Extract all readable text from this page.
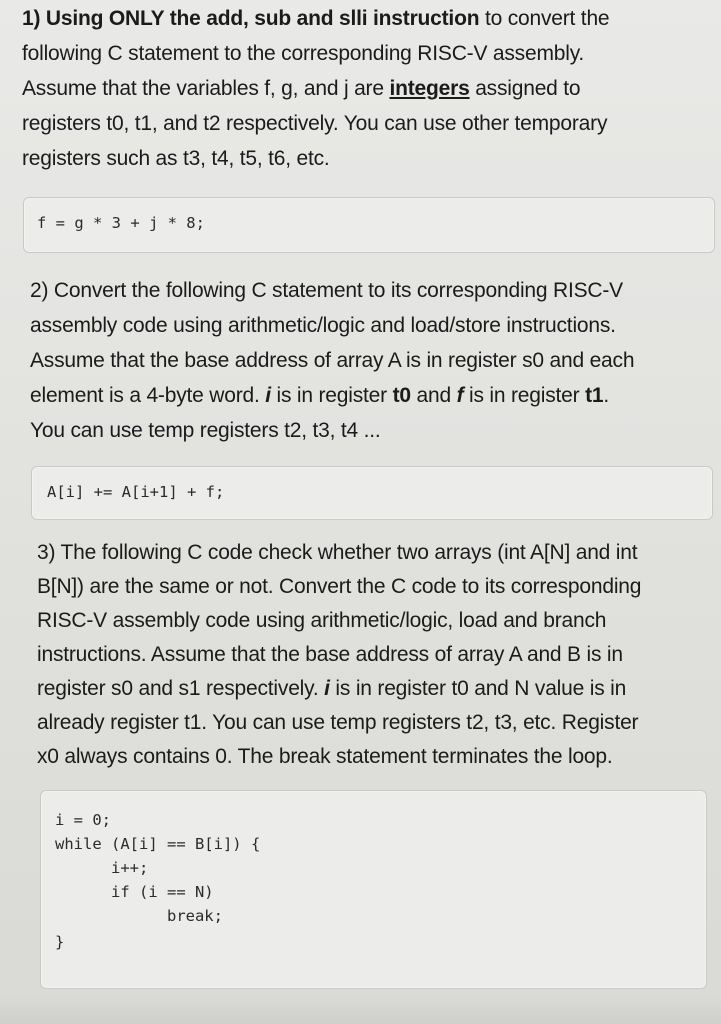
1) Using ONLY the add, sub and slli instruction to convert the
following C statement to the corresponding RISC-V assembly.
Assume that the variables f, g, and j are integers assigned to
registers t0, t1, and t2 respectively. You can use other temporary
registers such as t3, t4, t5, t6, etc.
f = g * 3 + j * 8;
2) Convert the following C statement to its corresponding RISC-V
assembly code using arithmetic/logic and load/store instructions.
Assume that the base address of array A is in register s0 and each
element is a 4-byte word. i is in register t0 and f is in register t1.
You can use temp registers t2, t3, t4 ...
A[i] += A[i+1] + f;
3) The following C code check whether two arrays (int A[N] and int
B[N]) are the same or not. Convert the C code to its corresponding
RISC-V assembly code using arithmetic/logic, load and branch
instructions. Assume that the base address of array A and B is in
register s0 and s1 respectively. i is in register t0 and N value is in
already register t1. You can use temp registers t2, t3, etc. Register
x0 always contains 0. The break statement terminates the loop.
i = 0;
while (A[i] == B[i]) {
i++;
if (i == N)
break;
}
